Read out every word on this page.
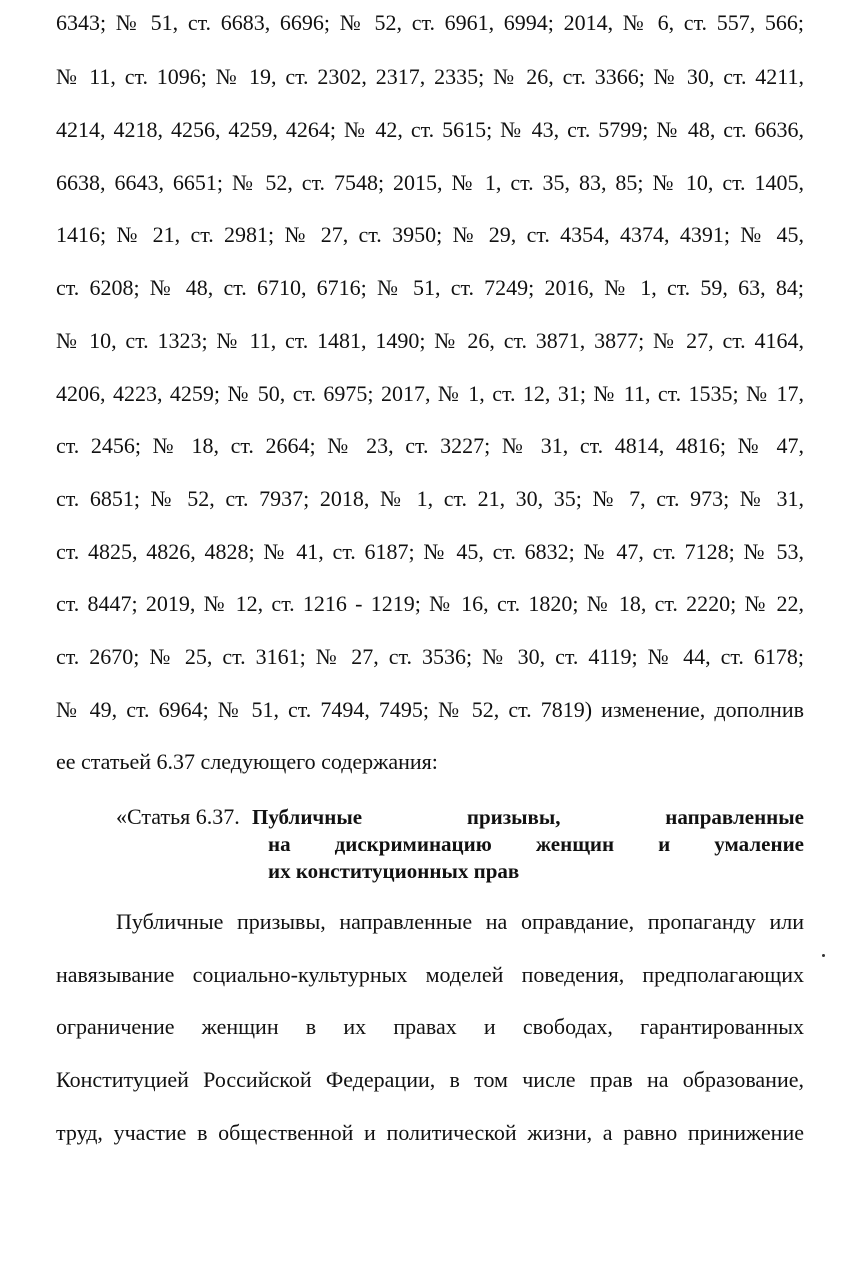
6343; № 51, ст. 6683, 6696; № 52, ст. 6961, 6994; 2014, № 6, ст. 557, 566;
№ 11, ст. 1096; № 19, ст. 2302, 2317, 2335; № 26, ст. 3366; № 30, ст. 4211,
4214, 4218, 4256, 4259, 4264; № 42, ст. 5615; № 43, ст. 5799; № 48, ст. 6636,
6638, 6643, 6651; № 52, ст. 7548; 2015, № 1, ст. 35, 83, 85; № 10, ст. 1405,
1416; № 21, ст. 2981; № 27, ст. 3950; № 29, ст. 4354, 4374, 4391; № 45,
ст. 6208; № 48, ст. 6710, 6716; № 51, ст. 7249; 2016, № 1, ст. 59, 63, 84;
№ 10, ст. 1323; № 11, ст. 1481, 1490; № 26, ст. 3871, 3877; № 27, ст. 4164,
4206, 4223, 4259; № 50, ст. 6975; 2017, № 1, ст. 12, 31; № 11, ст. 1535; № 17,
ст. 2456; № 18, ст. 2664; № 23, ст. 3227; № 31, ст. 4814, 4816; № 47,
ст. 6851; № 52, ст. 7937; 2018, № 1, ст. 21, 30, 35; № 7, ст. 973; № 31,
ст. 4825, 4826, 4828; № 41, ст. 6187; № 45, ст. 6832; № 47, ст. 7128; № 53,
ст. 8447; 2019, № 12, ст. 1216 - 1219; № 16, ст. 1820; № 18, ст. 2220; № 22,
ст. 2670; № 25, ст. 3161; № 27, ст. 3536; № 30, ст. 4119; № 44, ст. 6178;
№ 49, ст. 6964; № 51, ст. 7494, 7495; № 52, ст. 7819) изменение, дополнив
ее статьей 6.37 следующего содержания:
«Статья 6.37. Публичные призывы, направленные
на дискриминацию женщин и умаление
их конституционных прав
Публичные призывы, направленные на оправдание, пропаганду или
навязывание социально-культурных моделей поведения, предполагающих
ограничение женщин в их правах и свободах, гарантированных
Конституцией Российской Федерации, в том числе прав на образование,
труд, участие в общественной и политической жизни, а равно принижение
